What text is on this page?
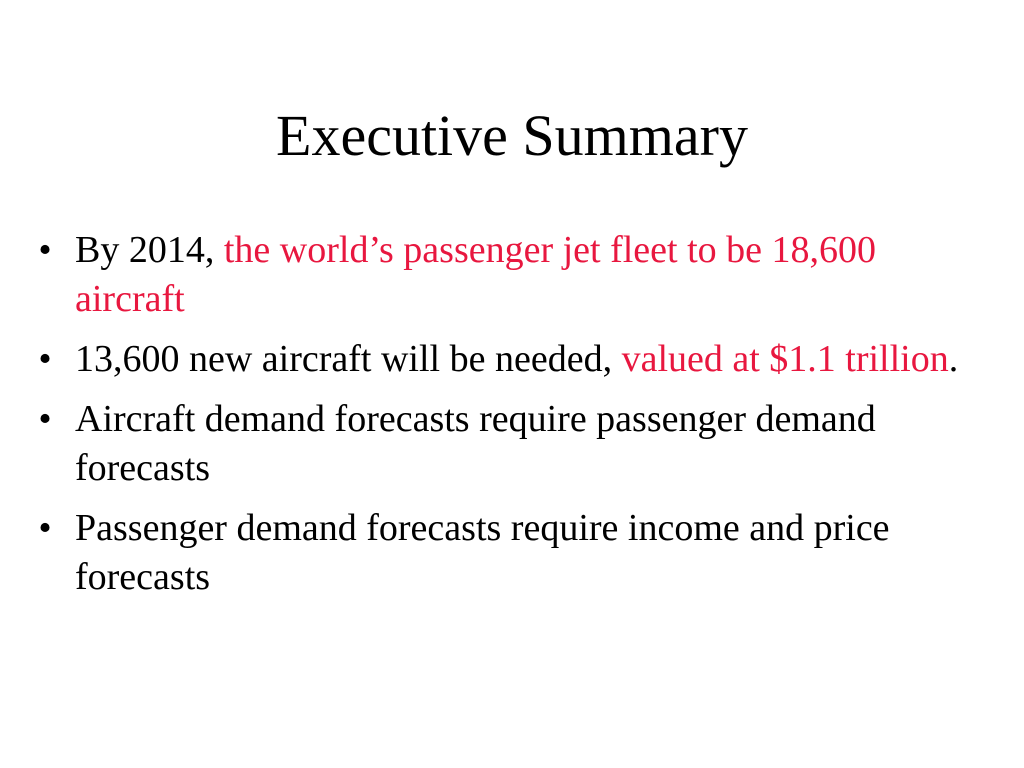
Executive Summary
• By 2014, the world’s passenger jet fleet to be 18,600 aircraft
• 13,600 new aircraft will be needed, valued at $1.1 trillion.
• Aircraft demand forecasts require passenger demand forecasts
• Passenger demand forecasts require income and price forecasts
